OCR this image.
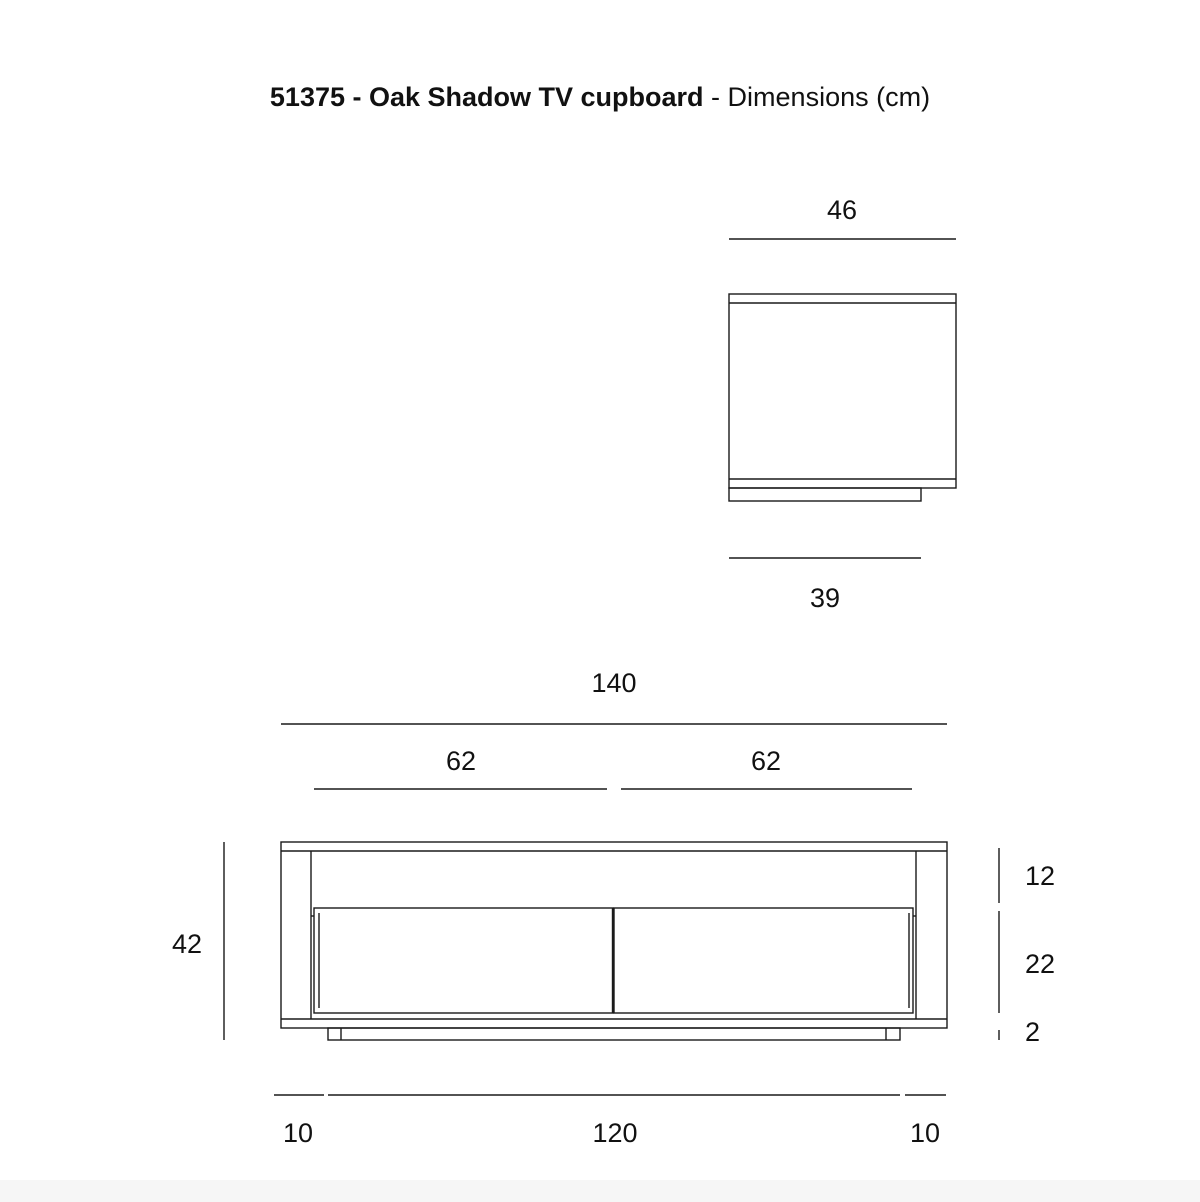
51375 - Oak Shadow TV cupboard - Dimensions (cm)
46
39
140
62	62
42
12
22
2
10	120	10
